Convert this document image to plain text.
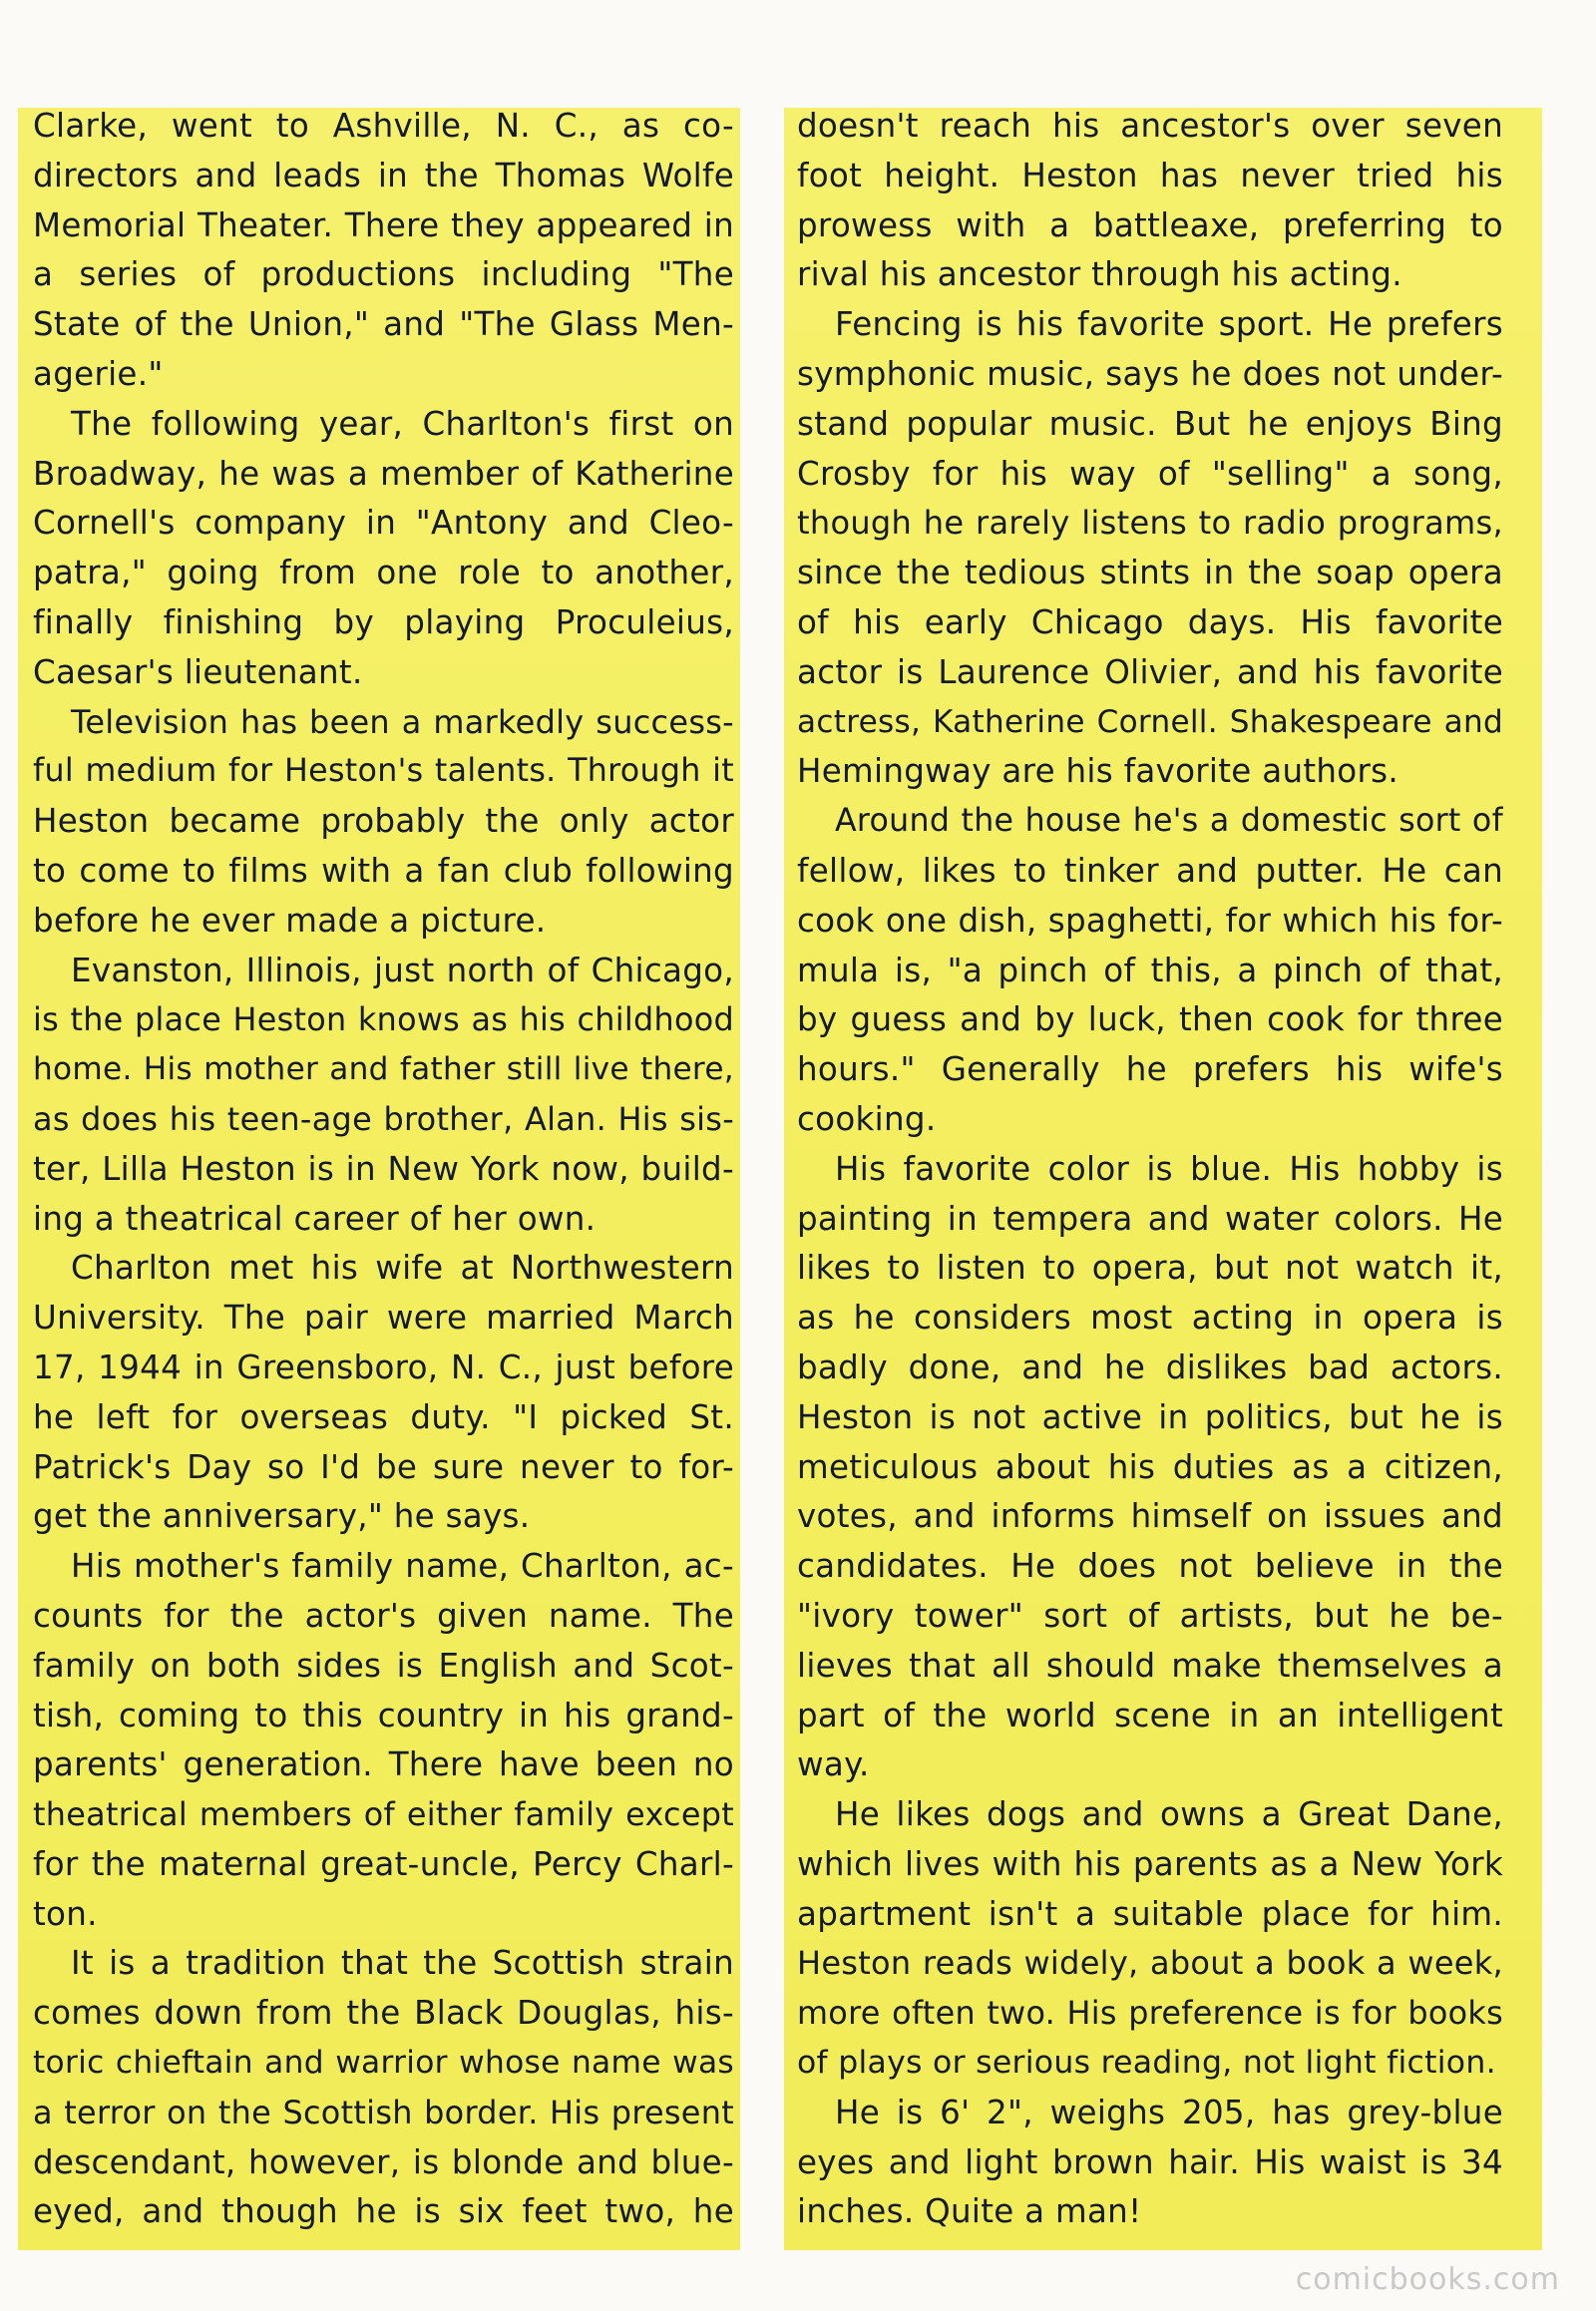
Clarke, went to Ashville, N. C., as co-
directors and leads in the Thomas Wolfe
Memorial Theater. There they appeared in
a series of productions including "The
State of the Union," and "The Glass Men-
agerie."
The following year, Charlton's first on
Broadway, he was a member of Katherine
Cornell's company in "Antony and Cleo-
patra," going from one role to another,
finally finishing by playing Proculeius,
Caesar's lieutenant.
Television has been a markedly success-
ful medium for Heston's talents. Through it
Heston became probably the only actor
to come to films with a fan club following
before he ever made a picture.
Evanston, Illinois, just north of Chicago,
is the place Heston knows as his childhood
home. His mother and father still live there,
as does his teen-age brother, Alan. His sis-
ter, Lilla Heston is in New York now, build-
ing a theatrical career of her own.
Charlton met his wife at Northwestern
University. The pair were married March
17, 1944 in Greensboro, N. C., just before
he left for overseas duty. "I picked St.
Patrick's Day so I'd be sure never to for-
get the anniversary," he says.
His mother's family name, Charlton, ac-
counts for the actor's given name. The
family on both sides is English and Scot-
tish, coming to this country in his grand-
parents' generation. There have been no
theatrical members of either family except
for the maternal great-uncle, Percy Charl-
ton.
It is a tradition that the Scottish strain
comes down from the Black Douglas, his-
toric chieftain and warrior whose name was
a terror on the Scottish border. His present
descendant, however, is blonde and blue-
eyed, and though he is six feet two, he
doesn't reach his ancestor's over seven
foot height. Heston has never tried his
prowess with a battleaxe, preferring to
rival his ancestor through his acting.
Fencing is his favorite sport. He prefers
symphonic music, says he does not under-
stand popular music. But he enjoys Bing
Crosby for his way of "selling" a song,
though he rarely listens to radio programs,
since the tedious stints in the soap opera
of his early Chicago days. His favorite
actor is Laurence Olivier, and his favorite
actress, Katherine Cornell. Shakespeare and
Hemingway are his favorite authors.
Around the house he's a domestic sort of
fellow, likes to tinker and putter. He can
cook one dish, spaghetti, for which his for-
mula is, "a pinch of this, a pinch of that,
by guess and by luck, then cook for three
hours." Generally he prefers his wife's
cooking.
His favorite color is blue. His hobby is
painting in tempera and water colors. He
likes to listen to opera, but not watch it,
as he considers most acting in opera is
badly done, and he dislikes bad actors.
Heston is not active in politics, but he is
meticulous about his duties as a citizen,
votes, and informs himself on issues and
candidates. He does not believe in the
"ivory tower" sort of artists, but he be-
lieves that all should make themselves a
part of the world scene in an intelligent
way.
He likes dogs and owns a Great Dane,
which lives with his parents as a New York
apartment isn't a suitable place for him.
Heston reads widely, about a book a week,
more often two. His preference is for books
of plays or serious reading, not light fiction.
He is 6' 2", weighs 205, has grey-blue
eyes and light brown hair. His waist is 34
inches. Quite a man!
comicbooks.com
